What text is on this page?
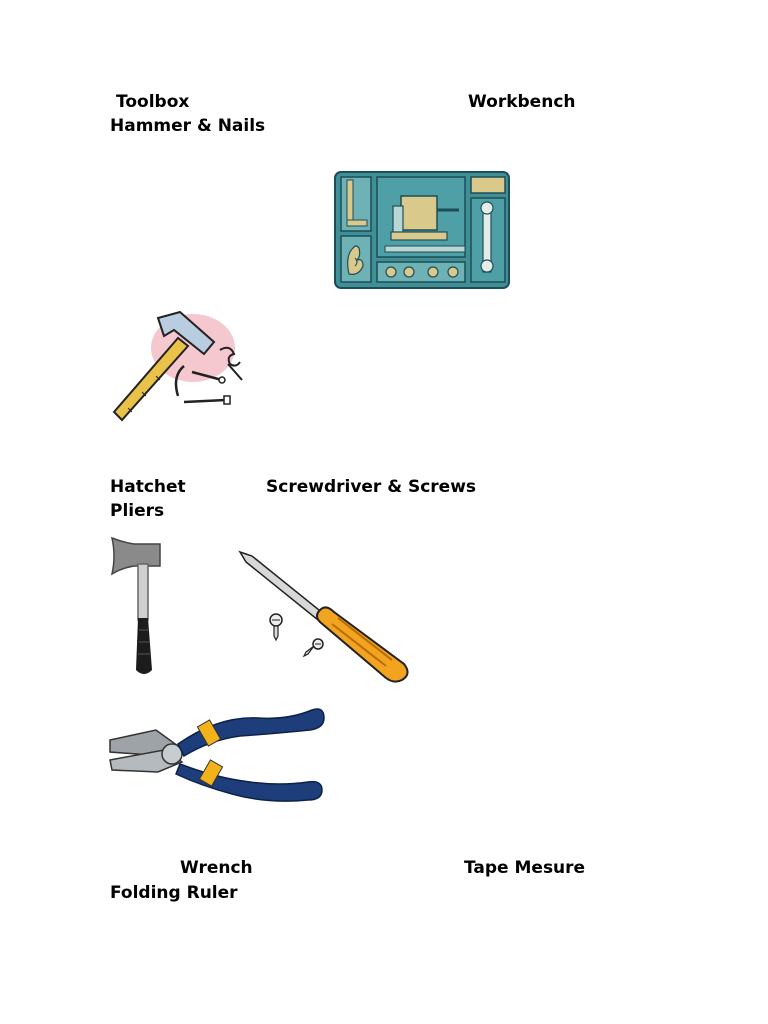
Toolbox	Workbench
Hammer & Nails
Hatchet	Screwdriver & Screws
Pliers
Wrench	Tape Mesure
Folding Ruler
